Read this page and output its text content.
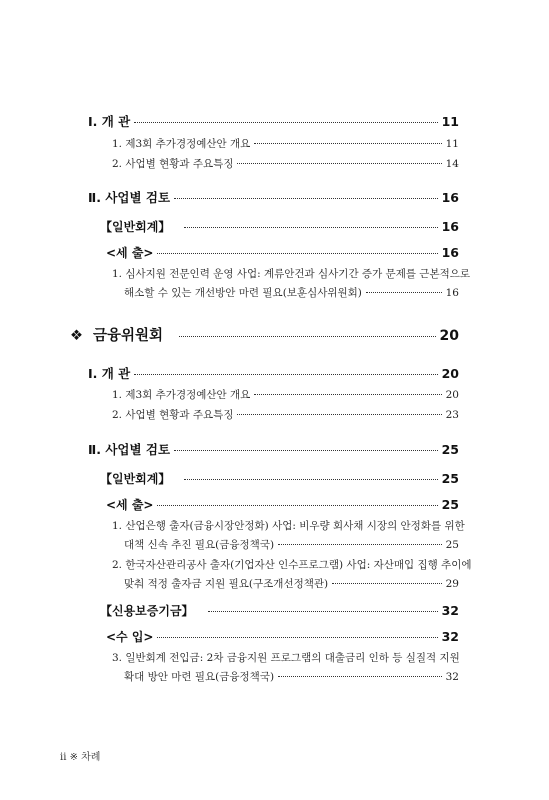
Ⅰ. 개 관	11
1. 제3회 추가경정예산안 개요	11
2. 사업별 현황과 주요특징	14
Ⅱ. 사업별 검토	16
【일반회계】	16
<세 출>	16
1. 심사지원 전문인력 운영 사업: 계류안건과 심사기간 증가 문제를 근본적으로
해소할 수 있는 개선방안 마련 필요(보훈심사위원회)	16
❖ 금융위원회	20
Ⅰ. 개 관	20
1. 제3회 추가경정예산안 개요	20
2. 사업별 현황과 주요특징	23
Ⅱ. 사업별 검토	25
【일반회계】	25
<세 출>	25
1. 산업은행 출자(금융시장안정화) 사업: 비우량 회사채 시장의 안정화를 위한
대책 신속 추진 필요(금융정책국)	25
2. 한국자산관리공사 출자(기업자산 인수프로그램) 사업: 자산매입 집행 추이에
맞춰 적정 출자금 지원 필요(구조개선정책관)	29
【신용보증기금】	32
<수 입>	32
3. 일반회계 전입금: 2차 금융지원 프로그램의 대출금리 인하 등 실질적 지원
확대 방안 마련 필요(금융정책국)	32
ii ※ 차례
